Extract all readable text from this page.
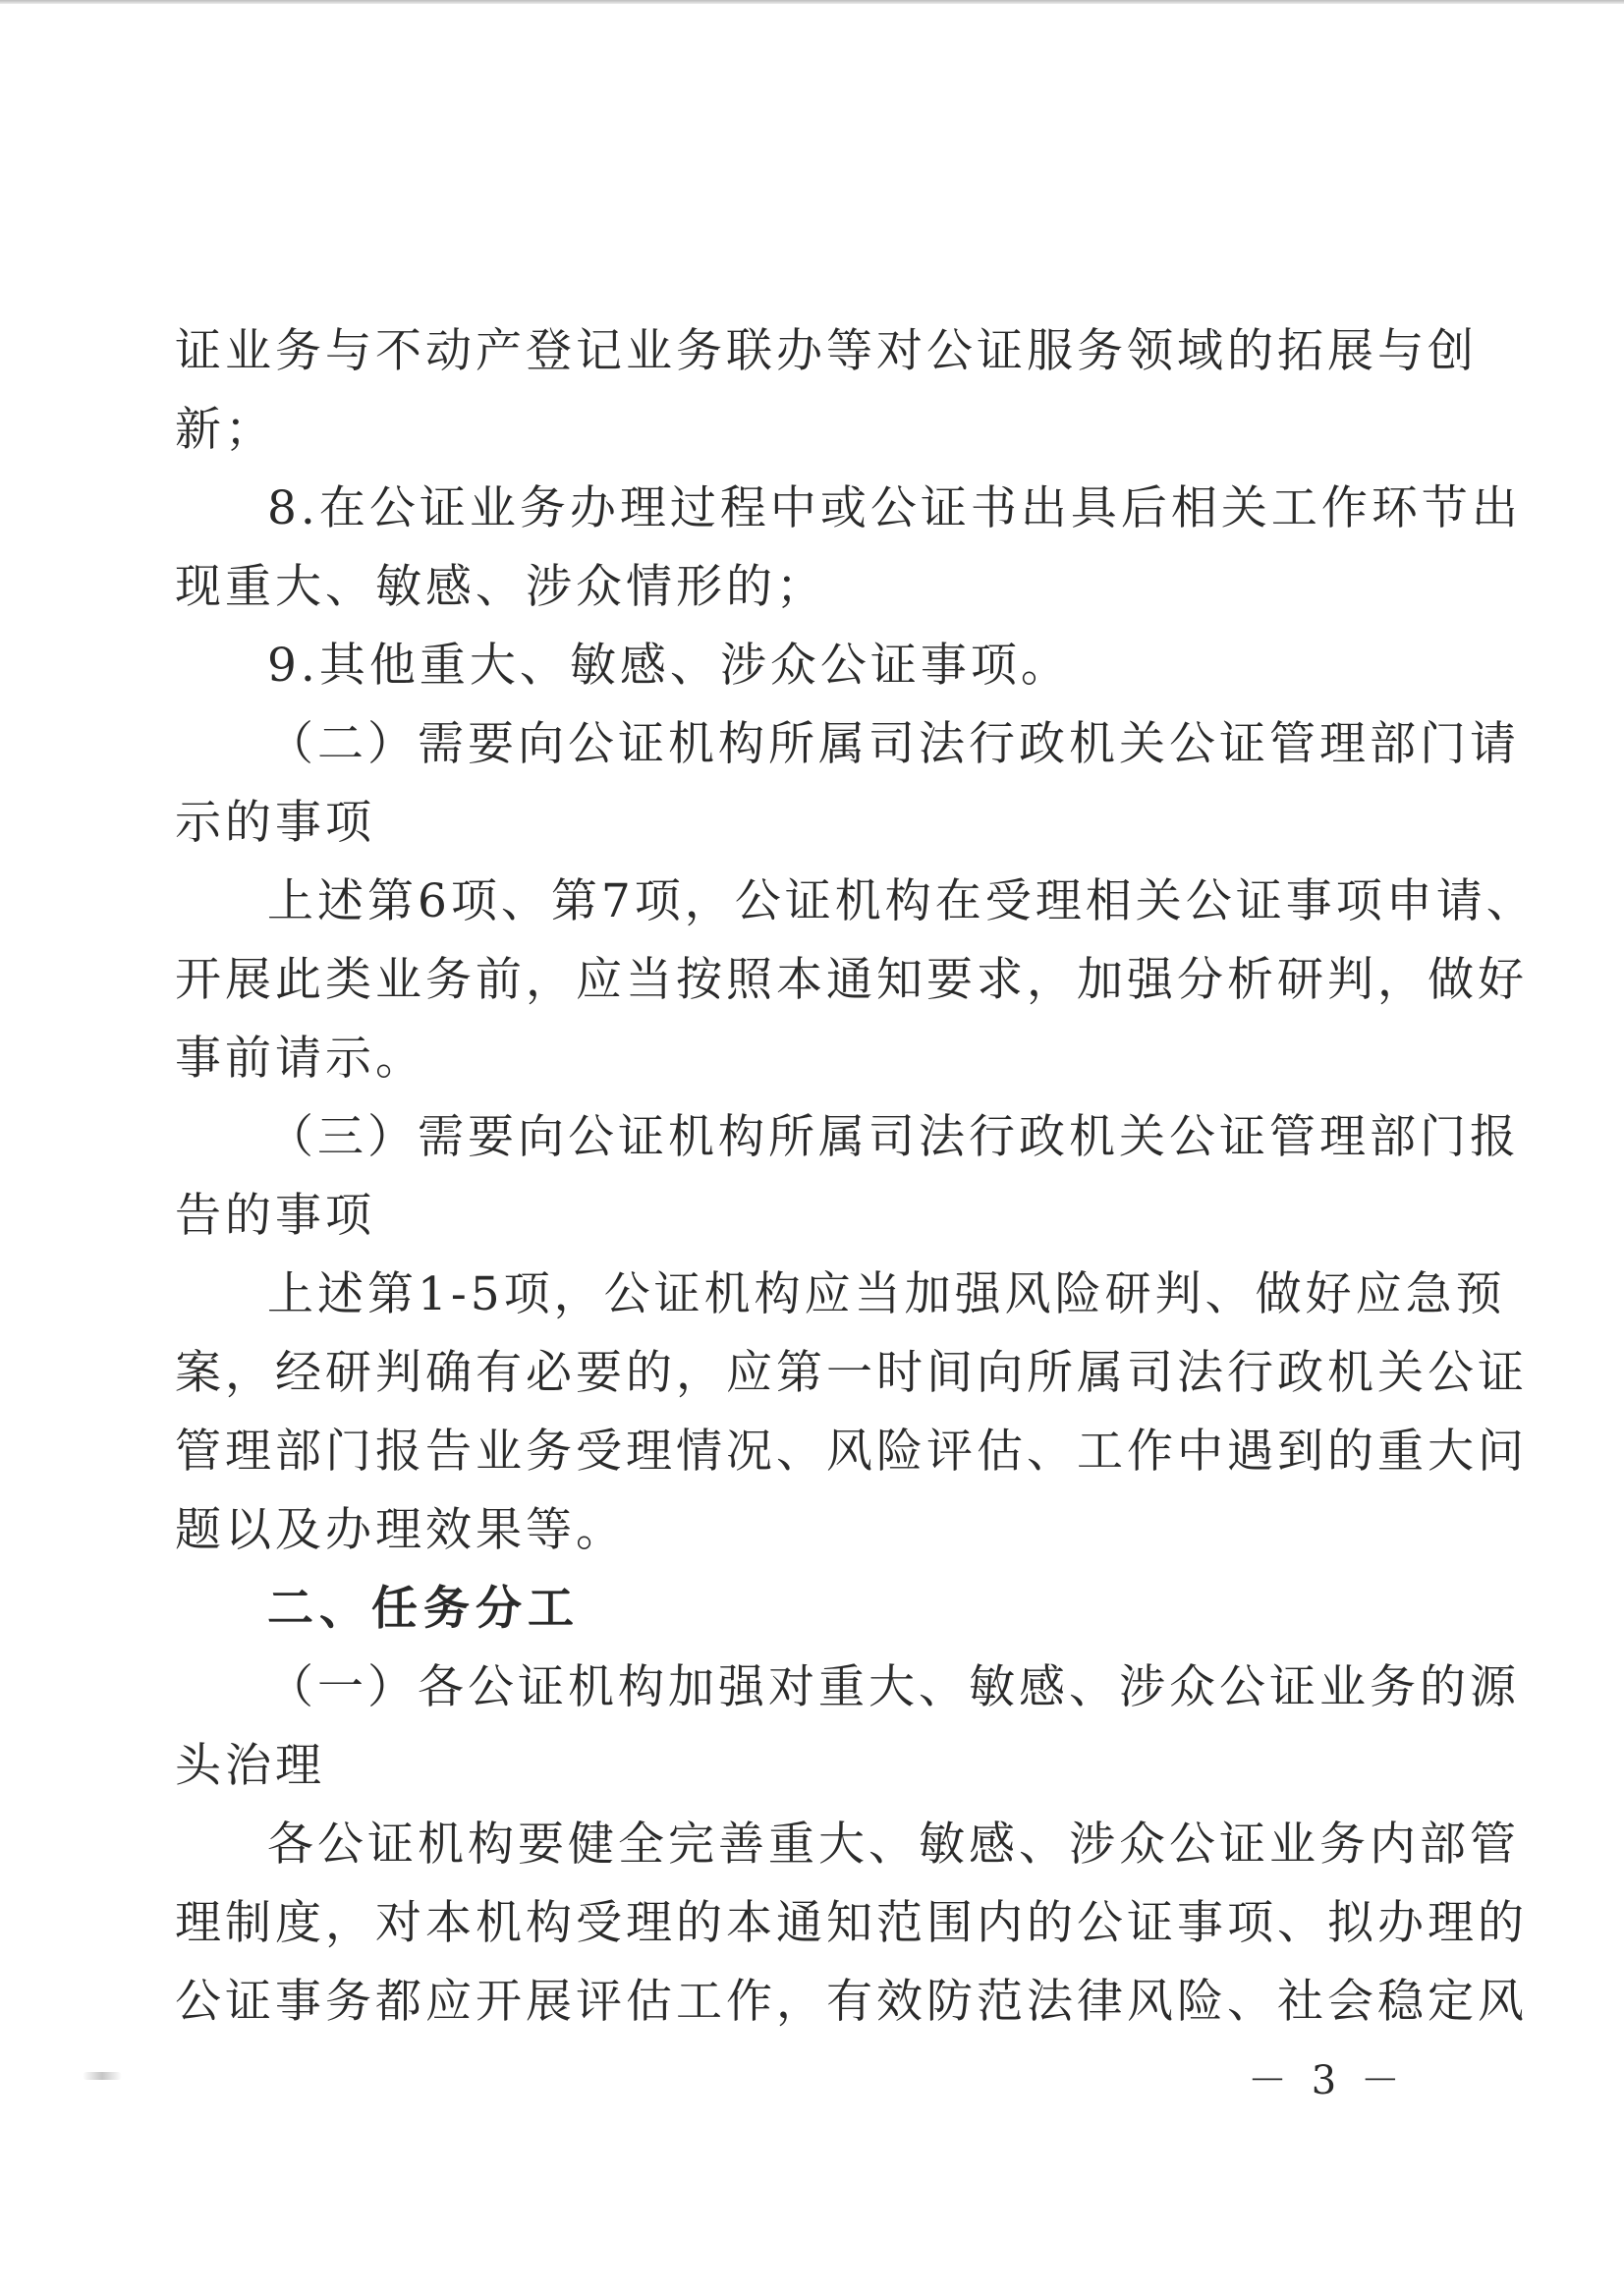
证业务与不动产登记业务联办等对公证服务领域的拓展与创
新；
8.在公证业务办理过程中或公证书出具后相关工作环节出
现重大、敏感、涉众情形的；
9.其他重大、敏感、涉众公证事项。
（二）需要向公证机构所属司法行政机关公证管理部门请
示的事项
上述第6项、第7项，公证机构在受理相关公证事项申请、
开展此类业务前，应当按照本通知要求，加强分析研判，做好
事前请示。
（三）需要向公证机构所属司法行政机关公证管理部门报
告的事项
上述第1-5项，公证机构应当加强风险研判、做好应急预
案，经研判确有必要的，应第一时间向所属司法行政机关公证
管理部门报告业务受理情况、风险评估、工作中遇到的重大问
题以及办理效果等。
二、任务分工
（一）各公证机构加强对重大、敏感、涉众公证业务的源
头治理
各公证机构要健全完善重大、敏感、涉众公证业务内部管
理制度，对本机构受理的本通知范围内的公证事项、拟办理的
公证事务都应开展评估工作，有效防范法律风险、社会稳定风
－ 3 －
